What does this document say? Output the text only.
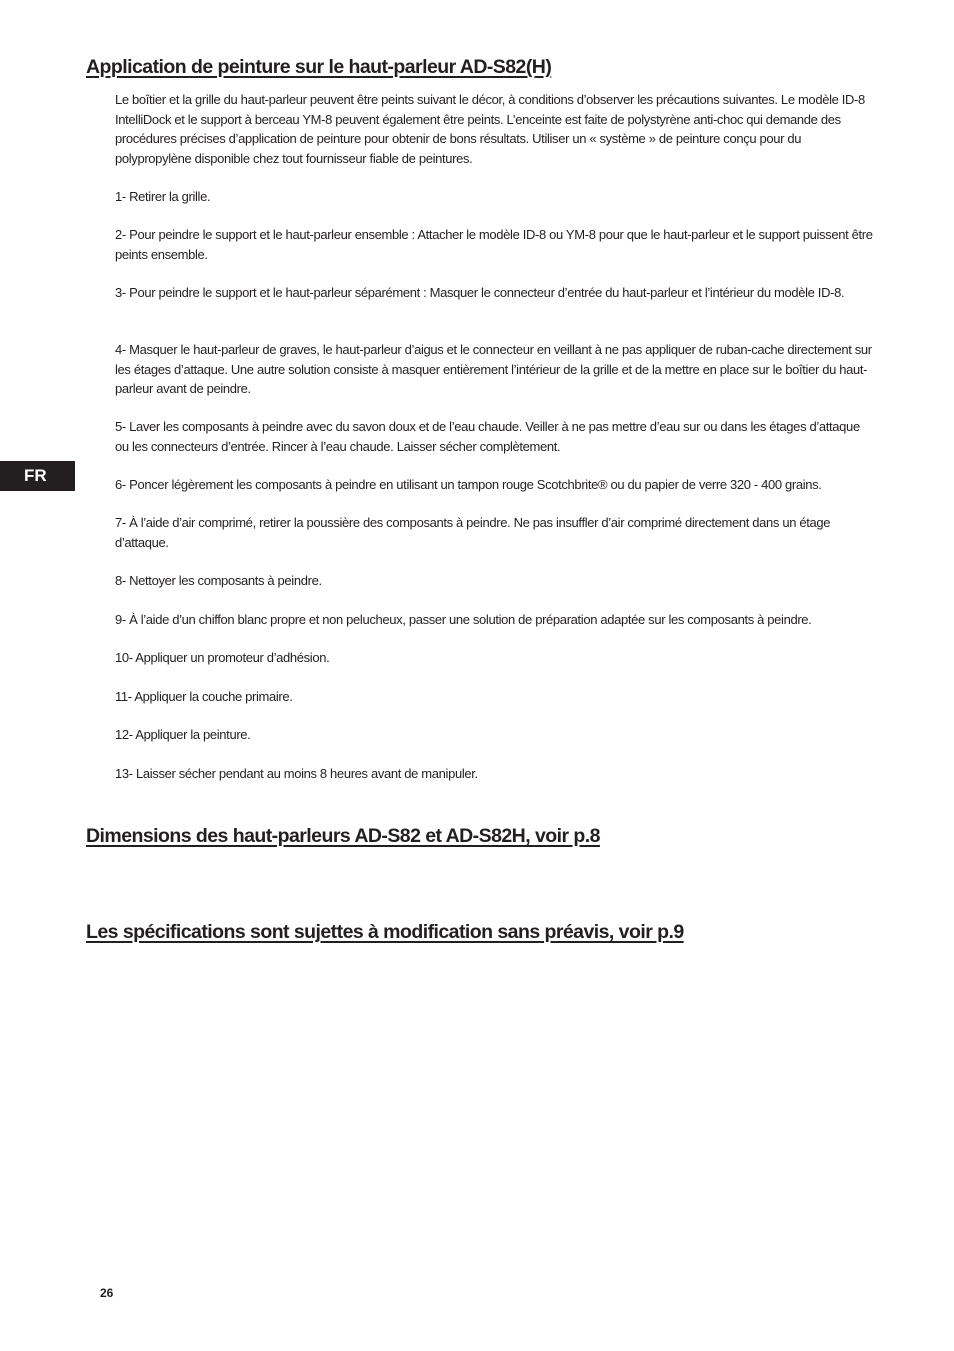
Application de peinture sur le haut-parleur AD-S82(H)

Le boîtier et la grille du haut-parleur peuvent être peints suivant le décor, à conditions d’observer les précautions suivantes. Le modèle ID-8 IntelliDock et le support à berceau YM-8 peuvent également être peints. L’enceinte est faite de polystyrène anti-choc qui demande des procédures précises d’application de peinture pour obtenir de bons résultats. Utiliser un « système » de peinture conçu pour du polypropylène disponible chez tout fournisseur fiable de peintures.

1- Retirer la grille.

2- Pour peindre le support et le haut-parleur ensemble : Attacher le modèle ID-8 ou YM-8 pour que le haut-parleur et le support puissent être peints ensemble.

3- Pour peindre le support et le haut-parleur séparément : Masquer le connecteur d’entrée du haut-parleur et l’intérieur du modèle ID-8.

4- Masquer le haut-parleur de graves, le haut-parleur d’aigus et le connecteur en veillant à ne pas appliquer de ruban-cache directement sur les étages d’attaque. Une autre solution consiste à masquer entièrement l’intérieur de la grille et de la mettre en place sur le boîtier du haut-parleur avant de peindre.

5- Laver les composants à peindre avec du savon doux et de l’eau chaude. Veiller à ne pas mettre d’eau sur ou dans les étages d’attaque ou les connecteurs d’entrée. Rincer à l’eau chaude. Laisser sécher complètement.

6- Poncer légèrement les composants à peindre en utilisant un tampon rouge Scotchbrite® ou du papier de verre 320 - 400 grains.

7- À l’aide d’air comprimé, retirer la poussière des composants à peindre. Ne pas insuffler d’air comprimé directement dans un étage d’attaque.

8- Nettoyer les composants à peindre.

9- À l’aide d’un chiffon blanc propre et non pelucheux, passer une solution de préparation adaptée sur les composants à peindre.

10- Appliquer un promoteur d’adhésion.

11- Appliquer la couche primaire.

12- Appliquer la peinture.

13- Laisser sécher pendant au moins 8 heures avant de manipuler.

Dimensions des haut-parleurs AD-S82 et AD-S82H, voir p.8
Les spécifications sont sujettes à modification sans préavis, voir p.9
FR
26
